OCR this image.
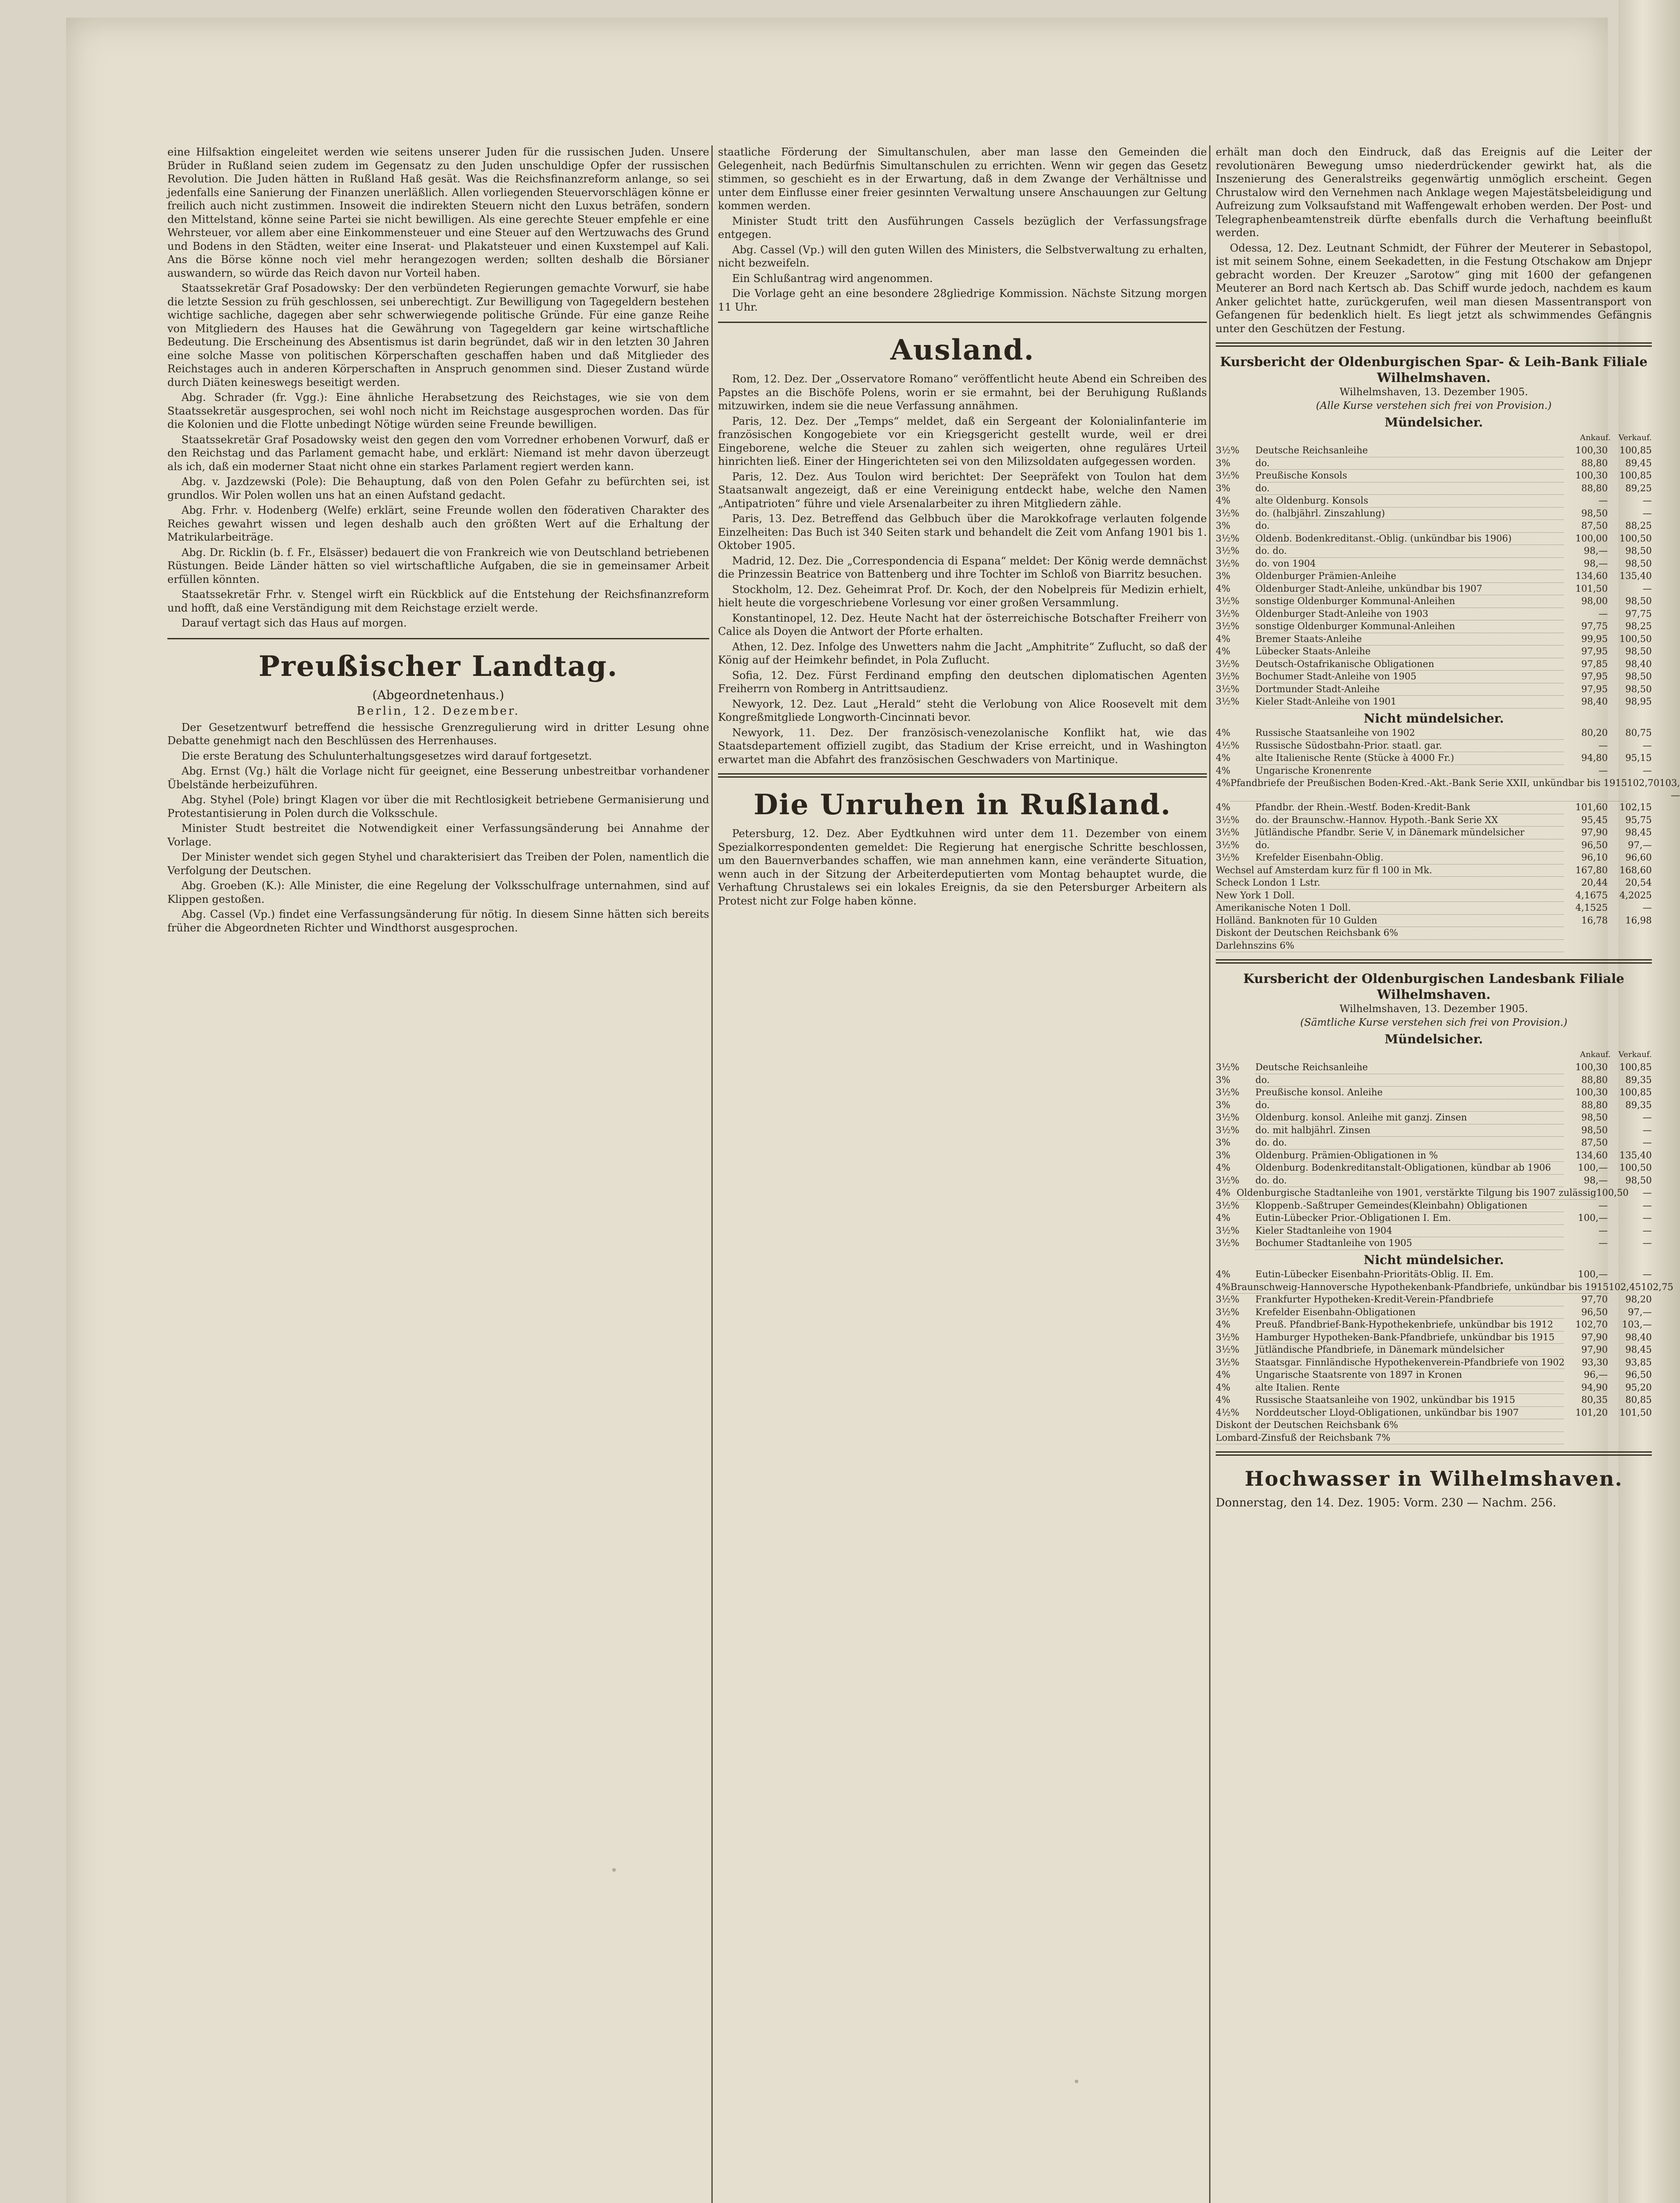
eine Hilfsaktion eingeleitet werden wie seitens unserer Juden für die russischen Juden. Unsere Brüder in Rußland seien zudem im Gegensatz zu den Juden unschuldige Opfer der russischen Revolution. Die Juden hätten in Rußland Haß gesät. Was die Reichsfinanzreform anlange, so sei jedenfalls eine Sanierung der Finanzen unerläßlich. Allen vorliegenden Steuervorschlägen könne er freilich auch nicht zustimmen. Insoweit die indirekten Steuern nicht den Luxus beträfen, sondern den Mittelstand, könne seine Partei sie nicht bewilligen. Als eine gerechte Steuer empfehle er eine Wehrsteuer, vor allem aber eine Einkommensteuer und eine Steuer auf den Wertzuwachs des Grund und Bodens in den Städten, weiter eine Inserat- und Plakatsteuer und einen Kuxstempel auf Kali. Ans die Börse könne noch viel mehr herangezogen werden; sollten deshalb die Börsianer auswandern, so würde das Reich davon nur Vorteil haben.

Staatssekretär Graf Posadowsky: Der den verbündeten Regierungen gemachte Vorwurf, sie habe die letzte Session zu früh geschlossen, sei unberechtigt. Zur Bewilligung von Tagegeldern bestehen wichtige sachliche, dagegen aber sehr schwerwiegende politische Gründe. Für eine ganze Reihe von Mitgliedern des Hauses hat die Gewährung von Tagegeldern gar keine wirtschaftliche Bedeutung. Die Erscheinung des Absentismus ist darin begründet, daß wir in den letzten 30 Jahren eine solche Masse von politischen Körperschaften geschaffen haben und daß Mitglieder des Reichstages auch in anderen Körperschaften in Anspruch genommen sind. Dieser Zustand würde durch Diäten keineswegs beseitigt werden.

Abg. Schrader (fr. Vgg.): Eine ähnliche Herabsetzung des Reichstages, wie sie von dem Staatssekretär ausgesprochen, sei wohl noch nicht im Reichstage ausgesprochen worden. Das für die Kolonien und die Flotte unbedingt Nötige würden seine Freunde bewilligen.

Staatssekretär Graf Posadowsky weist den gegen den vom Vorredner erhobenen Vorwurf, daß er den Reichstag und das Parlament gemacht habe, und erklärt: Niemand ist mehr davon überzeugt als ich, daß ein moderner Staat nicht ohne ein starkes Parlament regiert werden kann.

Abg. v. Jazdzewski (Pole): Die Behauptung, daß von den Polen Gefahr zu befürchten sei, ist grundlos. Wir Polen wollen uns hat an einen Aufstand gedacht.

Abg. Frhr. v. Hodenberg (Welfe) erklärt, seine Freunde wollen den föderativen Charakter des Reiches gewahrt wissen und legen deshalb auch den größten Wert auf die Erhaltung der Matrikularbeiträge.

Abg. Dr. Ricklin (b. f. Fr., Elsässer) bedauert die von Frankreich wie von Deutschland betriebenen Rüstungen. Beide Länder hätten so viel wirtschaftliche Aufgaben, die sie in gemeinsamer Arbeit erfüllen könnten.

Staatssekretär Frhr. v. Stengel wirft ein Rückblick auf die Entstehung der Reichsfinanzreform und hofft, daß eine Verständigung mit dem Reichstage erzielt werde.

Darauf vertagt sich das Haus auf morgen.

Preußischer Landtag.
(Abgeordnetenhaus.)
Berlin, 12. Dezember.

Der Gesetzentwurf betreffend die hessische Grenzregulierung wird in dritter Lesung ohne Debatte genehmigt nach den Beschlüssen des Herrenhauses.

Die erste Beratung des Schulunterhaltungsgesetzes wird darauf fortgesetzt.

Abg. Ernst (Vg.) hält die Vorlage nicht für geeignet, eine Besserung unbestreitbar vorhandener Übelstände herbeizuführen.

Abg. Styhel (Pole) bringt Klagen vor über die mit Rechtlosigkeit betriebene Germanisierung und Protestantisierung in Polen durch die Volksschule.

Minister Studt bestreitet die Notwendigkeit einer Verfassungsänderung bei Annahme der Vorlage.

Der Minister wendet sich gegen Styhel und charakterisiert das Treiben der Polen, namentlich die Verfolgung der Deutschen.

Abg. Groeben (K.): Alle Minister, die eine Regelung der Volksschulfrage unternahmen, sind auf Klippen gestoßen.

Abg. Cassel (Vp.) findet eine Verfassungsänderung für nötig. In diesem Sinne hätten sich bereits früher die Abgeordneten Richter und Windthorst ausgesprochen.

staatliche Förderung der Simultanschulen, aber man lasse den Gemeinden die Gelegenheit, nach Bedürfnis Simultanschulen zu errichten. Wenn wir gegen das Gesetz stimmen, so geschieht es in der Erwartung, daß in dem Zwange der Verhältnisse und unter dem Einflusse einer freier gesinnten Verwaltung unsere Anschauungen zur Geltung kommen werden.

Minister Studt tritt den Ausführungen Cassels bezüglich der Verfassungsfrage entgegen.

Abg. Cassel (Vp.) will den guten Willen des Ministers, die Selbstverwaltung zu erhalten, nicht bezweifeln.

Ein Schlußantrag wird angenommen.

Die Vorlage geht an eine besondere 28gliedrige Kommission. Nächste Sitzung morgen 11 Uhr.

Ausland.

Rom, 12. Dez. Der „Osservatore Romano“ veröffentlicht heute Abend ein Schreiben des Papstes an die Bischöfe Polens, worin er sie ermahnt, bei der Beruhigung Rußlands mitzuwirken, indem sie die neue Verfassung annähmen.

Paris, 12. Dez. Der „Temps“ meldet, daß ein Sergeant der Kolonialinfanterie im französischen Kongogebiete vor ein Kriegsgericht gestellt wurde, weil er drei Eingeborene, welche die Steuer zu zahlen sich weigerten, ohne reguläres Urteil hinrichten ließ. Einer der Hingerichteten sei von den Milizsoldaten aufgegessen worden.

Paris, 12. Dez. Aus Toulon wird berichtet: Der Seepräfekt von Toulon hat dem Staatsanwalt angezeigt, daß er eine Vereinigung entdeckt habe, welche den Namen „Antipatrioten“ führe und viele Arsenalarbeiter zu ihren Mitgliedern zähle.

Paris, 13. Dez. Betreffend das Gelbbuch über die Marokkofrage verlauten folgende Einzelheiten: Das Buch ist 340 Seiten stark und behandelt die Zeit vom Anfang 1901 bis 1. Oktober 1905.

Madrid, 12. Dez. Die „Correspondencia di Espana“ meldet: Der König werde demnächst die Prinzessin Beatrice von Battenberg und ihre Tochter im Schloß von Biarritz besuchen.

Stockholm, 12. Dez. Geheimrat Prof. Dr. Koch, der den Nobelpreis für Medizin erhielt, hielt heute die vorgeschriebene Vorlesung vor einer großen Versammlung.

Konstantinopel, 12. Dez. Heute Nacht hat der österreichische Botschafter Freiherr von Calice als Doyen die Antwort der Pforte erhalten.

Athen, 12. Dez. Infolge des Unwetters nahm die Jacht „Amphitrite“ Zuflucht, so daß der König auf der Heimkehr befindet, in Pola Zuflucht.

Sofia, 12. Dez. Fürst Ferdinand empfing den deutschen diplomatischen Agenten Freiherrn von Romberg in Antrittsaudienz.

Newyork, 12. Dez. Laut „Herald“ steht die Verlobung von Alice Roosevelt mit dem Kongreßmitgliede Longworth-Cincinnati bevor.

Newyork, 11. Dez. Der französisch-venezolanische Konflikt hat, wie das Staatsdepartement offiziell zugibt, das Stadium der Krise erreicht, und in Washington erwartet man die Abfahrt des französischen Geschwaders von Martinique.

Die Unruhen in Rußland.

Petersburg, 12. Dez. Aber Eydtkuhnen wird unter dem 11. Dezember von einem Spezialkorrespondenten gemeldet: Die Regierung hat energische Schritte beschlossen, um den Bauernverbandes schaffen, wie man annehmen kann, eine veränderte Situation, wenn auch in der Sitzung der Arbeiterdeputierten vom Montag behauptet wurde, die Verhaftung Chrustalews sei ein lokales Ereignis, da sie den Petersburger Arbeitern als Protest nicht zur Folge haben könne.

erhält man doch den Eindruck, daß das Ereignis auf die Leiter der revolutionären Bewegung umso niederdrückender gewirkt hat, als die Inszenierung des Generalstreiks gegenwärtig unmöglich erscheint. Gegen Chrustalow wird den Vernehmen nach Anklage wegen Majestätsbeleidigung und Aufreizung zum Volksaufstand mit Waffengewalt erhoben werden. Der Post- und Telegraphenbeamtenstreik dürfte ebenfalls durch die Verhaftung beeinflußt werden.

Odessa, 12. Dez. Leutnant Schmidt, der Führer der Meuterer in Sebastopol, ist mit seinem Sohne, einem Seekadetten, in die Festung Otschakow am Dnjepr gebracht worden. Der Kreuzer „Sarotow“ ging mit 1600 der gefangenen Meuterer an Bord nach Kertsch ab. Das Schiff wurde jedoch, nachdem es kaum Anker gelichtet hatte, zurückgerufen, weil man diesen Massentransport von Gefangenen für bedenklich hielt. Es liegt jetzt als schwimmendes Gefängnis unter den Geschützen der Festung.

Kursbericht der Oldenburgischen Spar- & Leih-Bank Filiale Wilhelmshaven.
Wilhelmshaven, 13. Dezember 1905.
(Alle Kurse verstehen sich frei von Provision.)
Mündelsicher.
Ankauf. Verkauf.
3½%	Deutsche Reichsanleihe	100,30	100,85
3%	do.	88,80	89,45
3½%	Preußische Konsols	100,30	100,85
3%	do.	88,80	89,25
4%	alte Oldenburg. Konsols	—	—
3½%	do. (halbjährl. Zinszahlung)	98,50	—
3%	do.	87,50	88,25
3½%	Oldenb. Bodenkreditanst.-Oblig. (unkündbar bis 1906)	100,00	100,50
3½%	do. do.	98,—	98,50
3½%	do. von 1904	98,—	98,50
3%	Oldenburger Prämien-Anleihe	134,60	135,40
4%	Oldenburger Stadt-Anleihe, unkündbar bis 1907	101,50	—
3½%	sonstige Oldenburger Kommunal-Anleihen	98,00	98,50
3½%	Oldenburger Stadt-Anleihe von 1903	—	97,75
3½%	sonstige Oldenburger Kommunal-Anleihen	97,75	98,25
4%	Bremer Staats-Anleihe	99,95	100,50
4%	Lübecker Staats-Anleihe	97,95	98,50
3½%	Deutsch-Ostafrikanische Obligationen	97,85	98,40
3½%	Bochumer Stadt-Anleihe von 1905	97,95	98,50
3½%	Dortmunder Stadt-Anleihe	97,95	98,50
3½%	Kieler Stadt-Anleihe von 1901	98,40	98,95
Nicht mündelsicher.
4%	Russische Staatsanleihe von 1902	80,20	80,75
4½%	Russische Südostbahn-Prior. staatl. gar.	—	—
4%	alte Italienische Rente (Stücke à 4000 Fr.)	94,80	95,15
4%	Ungarische Kronenrente	—	—
4% Pfandbriefe der Preußischen Boden-Kred.-Akt.-Bank Serie XXII, unkündbar bis 1915 102,70 103,—
4%	Pfandbr. der Rhein.-Westf. Boden-Kredit-Bank	101,60	102,15
3½%	do. der Braunschw.-Hannov. Hypoth.-Bank Serie XX	95,45	95,75
3½%	Jütländische Pfandbr. Serie V, in Dänemark mündelsicher	97,90	98,45
3½%	do.	96,50	97,—
3½%	Krefelder Eisenbahn-Oblig.	96,10	96,60
Wechsel auf Amsterdam kurz für fl 100 in Mk.	167,80	168,60
Scheck London 1 Lstr.	20,44	20,54
New York 1 Doll.	4,1675	4,2025
Amerikanische Noten 1 Doll.	4,1525	—
Holländ. Banknoten für 10 Gulden	16,78	16,98
Diskont der Deutschen Reichsbank 6%
Darlehnszins 6%
Kursbericht der Oldenburgischen Landesbank Filiale Wilhelmshaven.
Wilhelmshaven, 13. Dezember 1905.
(Sämtliche Kurse verstehen sich frei von Provision.)
Mündelsicher.
Ankauf. Verkauf.
3½%	Deutsche Reichsanleihe	100,30	100,85
3%	do.	88,80	89,35
3½%	Preußische konsol. Anleihe	100,30	100,85
3%	do.	88,80	89,35
3½%	Oldenburg. konsol. Anleihe mit ganzj. Zinsen	98,50	—
3½%	do. mit halbjährl. Zinsen	98,50	—
3%	do. do.	87,50	—
3%	Oldenburg. Prämien-Obligationen in %	134,60	135,40
4%	Oldenburg. Bodenkreditanstalt-Obligationen, kündbar ab 1906	100,—	100,50
3½%	do. do.	98,—	98,50
4% Oldenburgische Stadtanleihe von 1901, verstärkte Tilgung bis 1907 zulässig 100,50	—
3½%	Kloppenb.-Saßtruper Gemeindes(Kleinbahn) Obligationen	—	—
4%	Eutin-Lübecker Prior.-Obligationen I. Em.	100,—	—
3½%	Kieler Stadtanleihe von 1904	—	—
3½%	Bochumer Stadtanleihe von 1905	—	—
Nicht mündelsicher.
4%	Eutin-Lübecker Eisenbahn-Prioritäts-Oblig. II. Em.	100,—	—
4% Braunschweig-Hannoversche Hypothekenbank-Pfandbriefe, unkündbar bis 1915 102,45 102,75
3½%	Frankfurter Hypotheken-Kredit-Verein-Pfandbriefe	97,70	98,20
3½%	Krefelder Eisenbahn-Obligationen	96,50	97,—
4%	Preuß. Pfandbrief-Bank-Hypothekenbriefe, unkündbar bis 1912	102,70	103,—
3½%	Hamburger Hypotheken-Bank-Pfandbriefe, unkündbar bis 1915	97,90	98,40
3½%	Jütländische Pfandbriefe, in Dänemark mündelsicher	97,90	98,45
3½%	Staatsgar. Finnländische Hypothekenverein-Pfandbriefe von 1902	93,30	93,85
4%	Ungarische Staatsrente von 1897 in Kronen	96,—	96,50
4%	alte Italien. Rente	94,90	95,20
4%	Russische Staatsanleihe von 1902, unkündbar bis 1915	80,35	80,85
4½%	Norddeutscher Lloyd-Obligationen, unkündbar bis 1907	101,20	101,50
Diskont der Deutschen Reichsbank 6%
Lombard-Zinsfuß der Reichsbank 7%
Hochwasser in Wilhelmshaven.
Donnerstag, den 14. Dez. 1905: Vorm. 230 — Nachm. 256.
